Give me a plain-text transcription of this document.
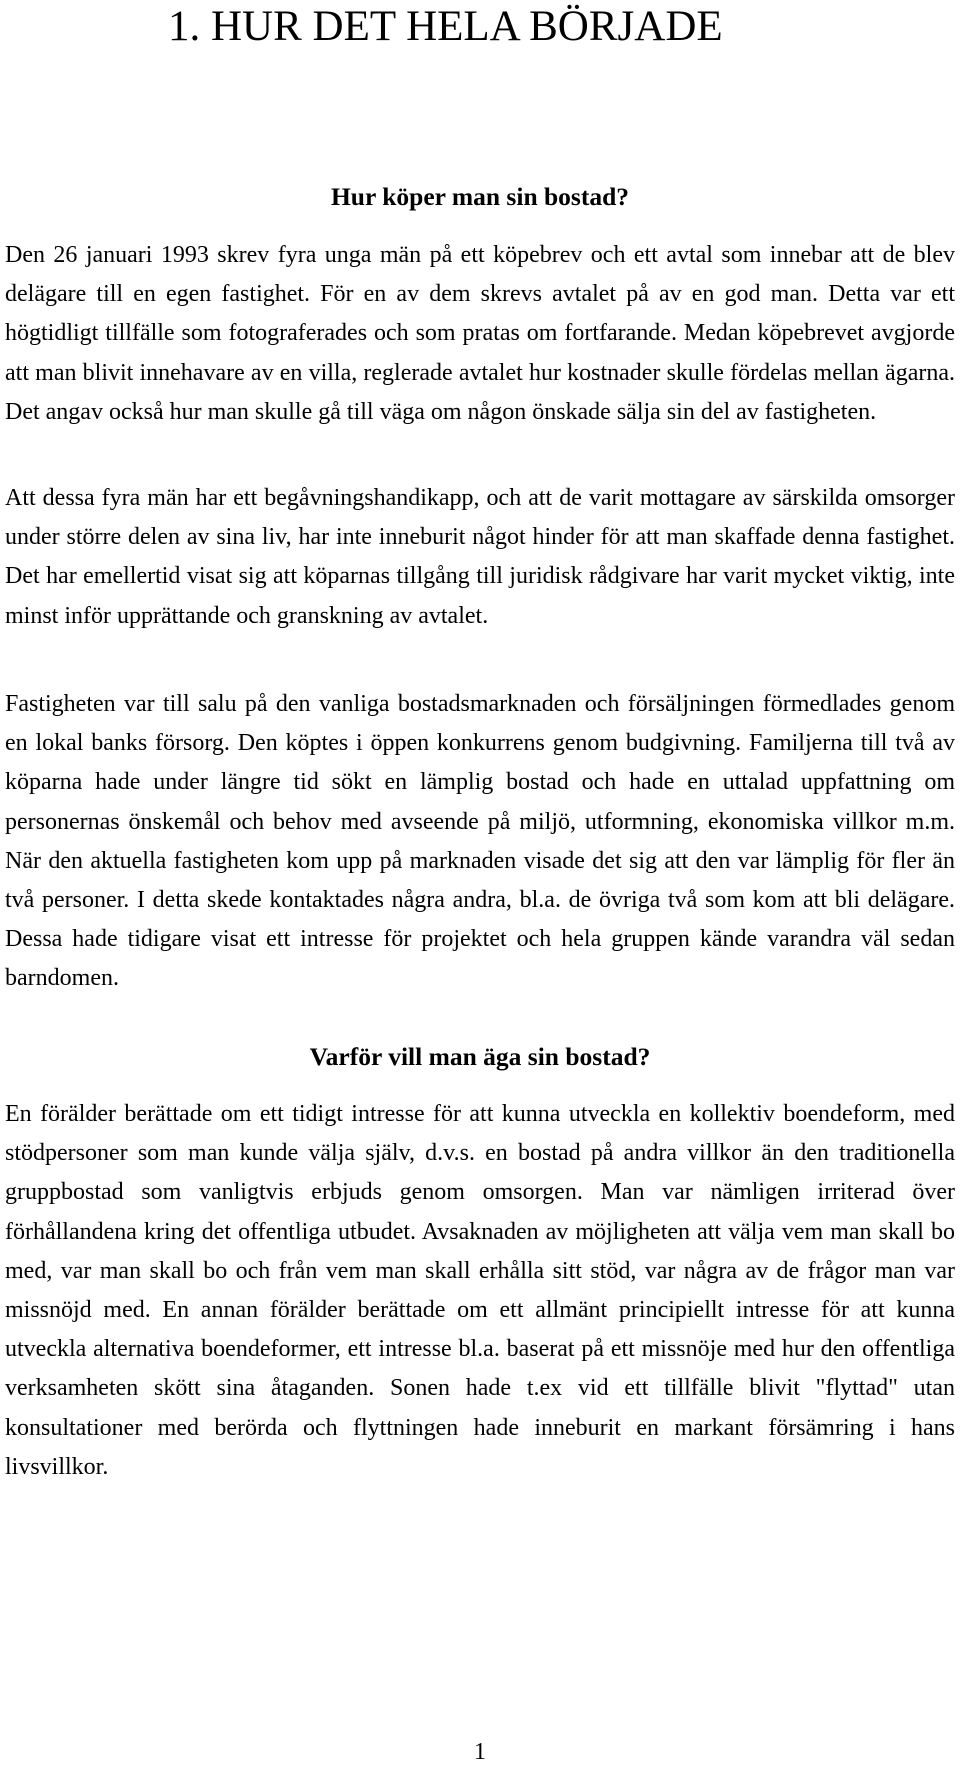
1. HUR DET HELA BÖRJADE
Hur köper man sin bostad?

Den 26 januari 1993 skrev fyra unga män på ett köpebrev och ett avtal som innebar att de blev delägare till en egen fastighet. För en av dem skrevs avtalet på av en god man. Detta var ett högtidligt tillfälle som fotograferades och som pratas om fortfarande. Medan köpebrevet avgjorde att man blivit innehavare av en villa, reglerade avtalet hur kostnader skulle fördelas mellan ägarna. Det angav också hur man skulle gå till väga om någon önskade sälja sin del av fastigheten.

Att dessa fyra män har ett begåvningshandikapp, och att de varit mottagare av särskilda omsorger under större delen av sina liv, har inte inneburit något hinder för att man skaffade denna fastighet. Det har emellertid visat sig att köparnas tillgång till juridisk rådgivare har varit mycket viktig, inte minst inför upprättande och granskning av avtalet.

Fastigheten var till salu på den vanliga bostadsmarknaden och försäljningen förmedlades genom en lokal banks försorg. Den köptes i öppen konkurrens genom budgivning. Familjerna till två av köparna hade under längre tid sökt en lämplig bostad och hade en uttalad uppfattning om personernas önskemål och behov med avseende på miljö, utformning, ekonomiska villkor m.m. När den aktuella fastigheten kom upp på marknaden visade det sig att den var lämplig för fler än två personer. I detta skede kontaktades några andra, bl.a. de övriga två som kom att bli delägare. Dessa hade tidigare visat ett intresse för projektet och hela gruppen kände varandra väl sedan barndomen.

Varför vill man äga sin bostad?

En förälder berättade om ett tidigt intresse för att kunna utveckla en kollektiv boendeform, med stödpersoner som man kunde välja själv, d.v.s. en bostad på andra villkor än den traditionella gruppbostad som vanligtvis erbjuds genom omsorgen. Man var nämligen irriterad över förhållandena kring det offentliga utbudet. Avsaknaden av möjligheten att välja vem man skall bo med, var man skall bo och från vem man skall erhålla sitt stöd, var några av de frågor man var missnöjd med. En annan förälder berättade om ett allmänt principiellt intresse för att kunna utveckla alternativa boendeformer, ett intresse bl.a. baserat på ett missnöje med hur den offentliga verksamheten skött sina åtaganden. Sonen hade t.ex vid ett tillfälle blivit "flyttad" utan konsultationer med berörda och flyttningen hade inneburit en markant försämring i hans livsvillkor.

1
